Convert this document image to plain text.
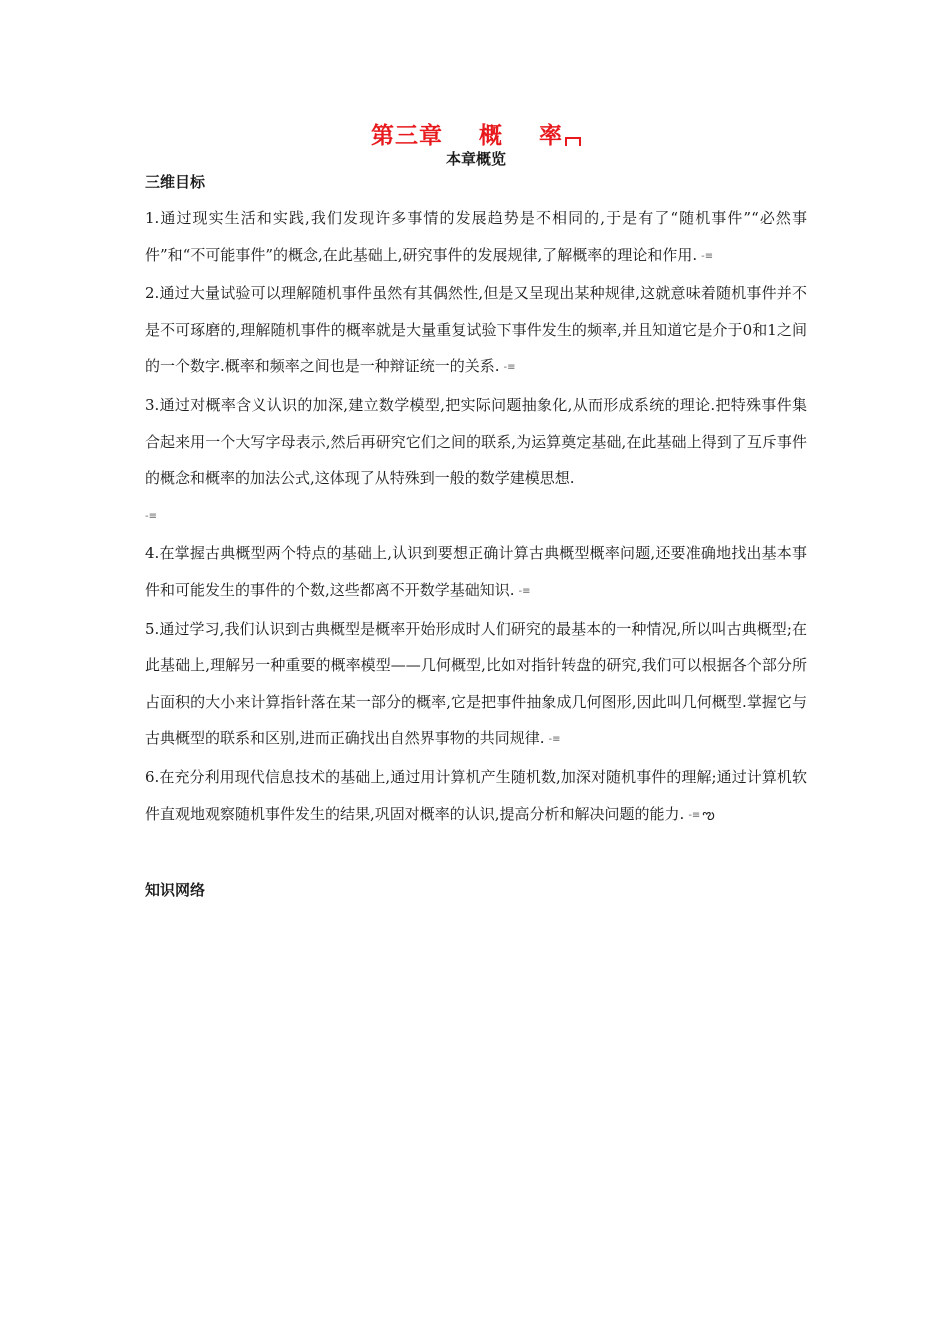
第三章    概    率
本章概览
三维目标

1.通过现实生活和实践,我们发现许多事情的发展趋势是不相同的,于是有了“随机事件”“必然事件”和“不可能事件”的概念,在此基础上,研究事件的发展规律,了解概率的理论和作用. -≡

2.通过大量试验可以理解随机事件虽然有其偶然性,但是又呈现出某种规律,这就意味着随机事件并不是不可琢磨的,理解随机事件的概率就是大量重复试验下事件发生的频率,并且知道它是介于0和1之间的一个数字.概率和频率之间也是一种辩证统一的关系. -≡

3.通过对概率含义认识的加深,建立数学模型,把实际问题抽象化,从而形成系统的理论.把特殊事件集合起来用一个大写字母表示,然后再研究它们之间的联系,为运算奠定基础,在此基础上得到了互斥事件的概念和概率的加法公式,这体现了从特殊到一般的数学建模思想.
-≡

4.在掌握古典概型两个特点的基础上,认识到要想正确计算古典概型概率问题,还要准确地找出基本事件和可能发生的事件的个数,这些都离不开数学基础知识. -≡

5.通过学习,我们认识到古典概型是概率开始形成时人们研究的最基本的一种情况,所以叫古典概型;在此基础上,理解另一种重要的概率模型——几何概型,比如对指针转盘的研究,我们可以根据各个部分所占面积的大小来计算指针落在某一部分的概率,它是把事件抽象成几何图形,因此叫几何概型.掌握它与古典概型的联系和区别,进而正确找出自然界事物的共同规律. -≡

6.在充分利用现代信息技术的基础上,通过用计算机产生随机数,加深对随机事件的理解;通过计算机软件直观地观察随机事件发生的结果,巩固对概率的认识,提高分析和解决问题的能力. -≡ ఌ

知识网络
